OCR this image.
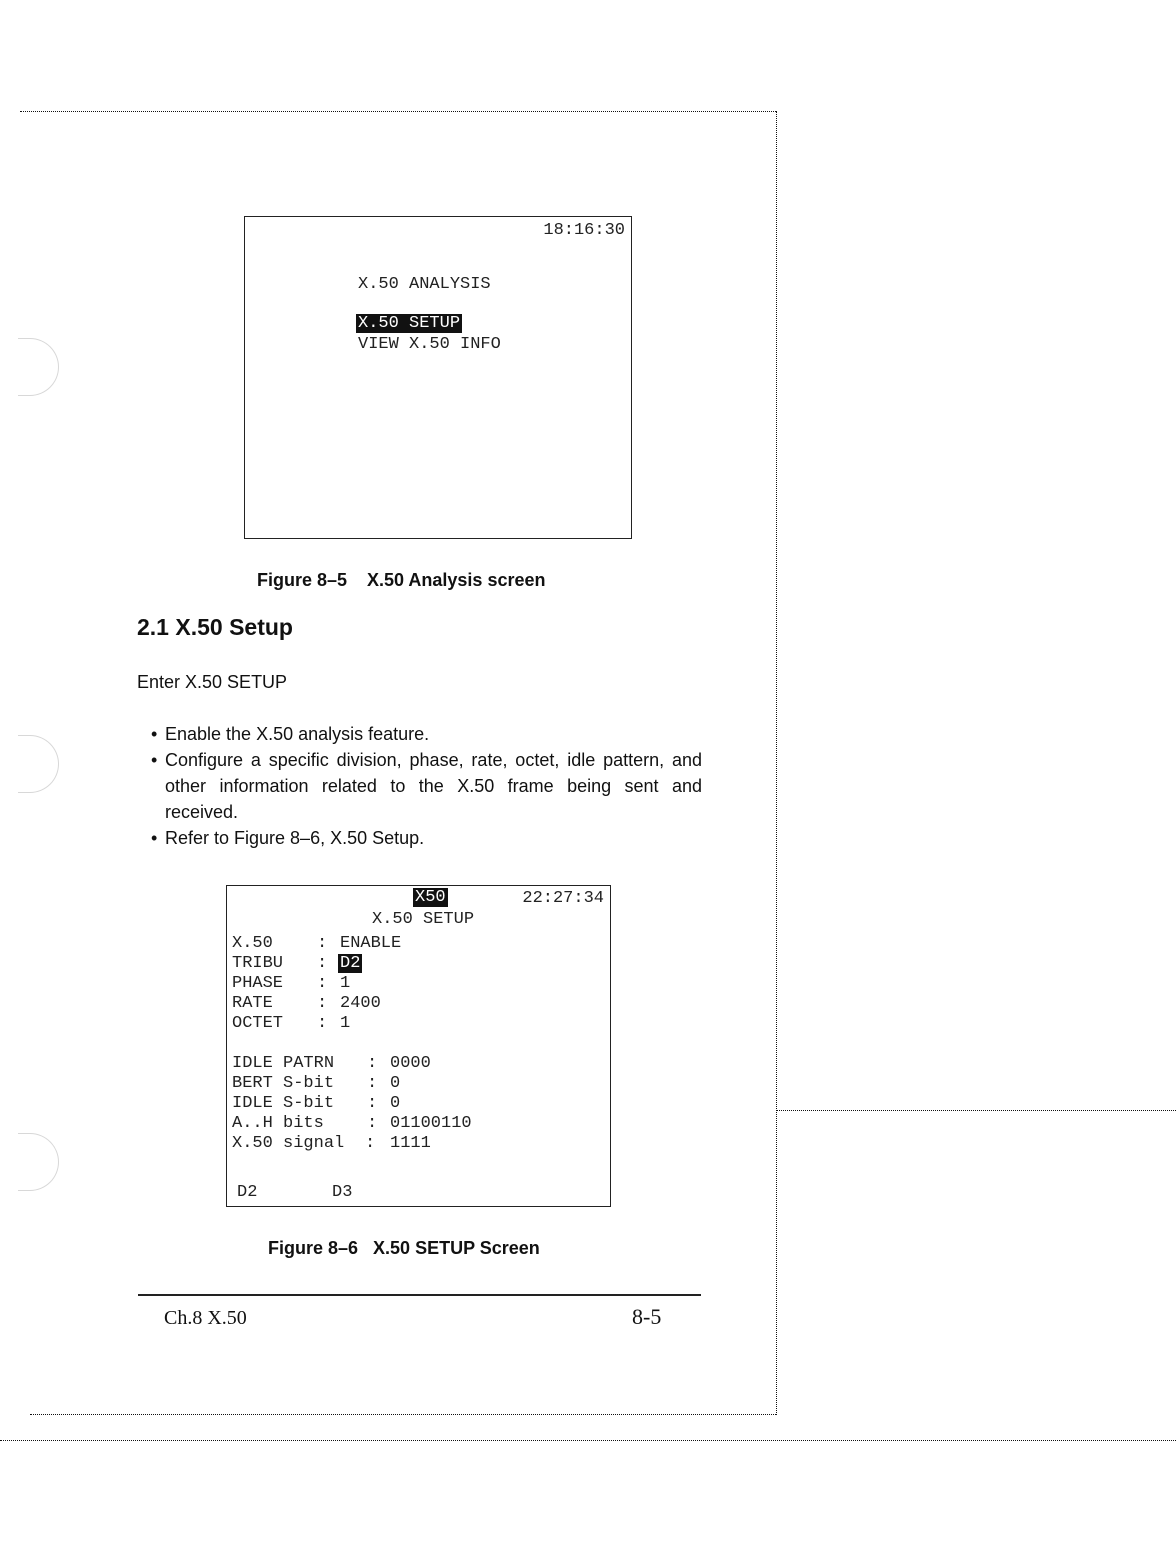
18:16:30
X.50 ANALYSIS
X.50 SETUP
VIEW X.50 INFO
Figure 8–5    X.50 Analysis screen
2.1 X.50 Setup
Enter X.50 SETUP
• Enable the X.50 analysis feature.
• Configure a specific division, phase, rate, octet, idle pattern, and other information related to the X.50 frame being sent and received.
• Refer to Figure 8–6, X.50 Setup.
X50	22:27:34
X.50 SETUP
X.50 : ENABLE
TRIBU : D2
PHASE : 1
RATE : 2400
OCTET : 1
IDLE PATRN : 0000
BERT S-bit : 0
IDLE S-bit : 0
A..H bits : 01100110
X.50 signal : 1111
D2	D3
Figure 8–6   X.50 SETUP Screen
Ch.8 X.50	8-5
